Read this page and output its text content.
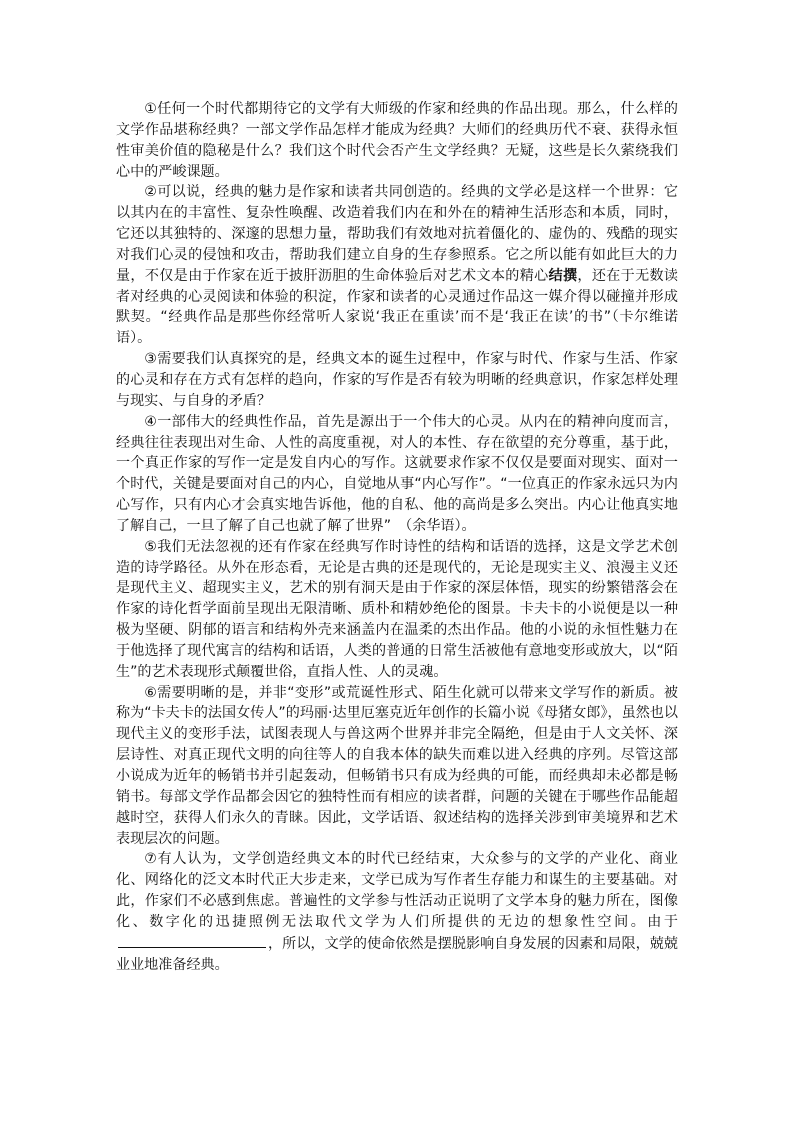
①任何一个时代都期待它的文学有大师级的作家和经典的作品出现。那么，什么样的文学作品堪称经典？一部文学作品怎样才能成为经典？大师们的经典历代不衰、获得永恒性审美价值的隐秘是什么？我们这个时代会否产生文学经典？无疑，这些是长久萦绕我们心中的严峻课题。

②可以说，经典的魅力是作家和读者共同创造的。经典的文学必是这样一个世界：它以其内在的丰富性、复杂性唤醒、改造着我们内在和外在的精神生活形态和本质，同时，它还以其独特的、深邃的思想力量，帮助我们有效地对抗着僵化的、虚伪的、残酷的现实对我们心灵的侵蚀和攻击，帮助我们建立自身的生存参照系。它之所以能有如此巨大的力量，不仅是由于作家在近于披肝沥胆的生命体验后对艺术文本的精心结撰，还在于无数读者对经典的心灵阅读和体验的积淀，作家和读者的心灵通过作品这一媒介得以碰撞并形成默契。“经典作品是那些你经常听人家说‘我正在重读’而不是‘我正在读’的书”（卡尔维诺语）。

③需要我们认真探究的是，经典文本的诞生过程中，作家与时代、作家与生活、作家的心灵和存在方式有怎样的趋向，作家的写作是否有较为明晰的经典意识，作家怎样处理与现实、与自身的矛盾？

④一部伟大的经典性作品，首先是源出于一个伟大的心灵。从内在的精神向度而言，经典往往表现出对生命、人性的高度重视，对人的本性、存在欲望的充分尊重，基于此，一个真正作家的写作一定是发自内心的写作。这就要求作家不仅仅是要面对现实、面对一个时代，关键是要面对自己的内心，自觉地从事“内心写作”。“一位真正的作家永远只为内心写作，只有内心才会真实地告诉他，他的自私、他的高尚是多么突出。内心让他真实地了解自己，一旦了解了自己也就了解了世界”　（余华语）。

⑤我们无法忽视的还有作家在经典写作时诗性的结构和话语的选择，这是文学艺术创造的诗学路径。从外在形态看，无论是古典的还是现代的，无论是现实主义、浪漫主义还是现代主义、超现实主义，艺术的别有洞天是由于作家的深层体悟，现实的纷繁错落会在作家的诗化哲学面前呈现出无限清晰、质朴和精妙绝伦的图景。卡夫卡的小说便是以一种极为坚硬、阴郁的语言和结构外壳来涵盖内在温柔的杰出作品。他的小说的永恒性魅力在于他选择了现代寓言的结构和话语，人类的普通的日常生活被他有意地变形或放大，以“陌生”的艺术表现形式颠覆世俗，直指人性、人的灵魂。

⑥需要明晰的是，并非“变形”或荒诞性形式、陌生化就可以带来文学写作的新质。被称为“卡夫卡的法国女传人”的玛丽·达里厄塞克近年创作的长篇小说《母猪女郎》，虽然也以现代主义的变形手法，试图表现人与兽这两个世界并非完全隔绝，但是由于人文关怀、深层诗性、对真正现代文明的向往等人的自我本体的缺失而难以进入经典的序列。尽管这部小说成为近年的畅销书并引起轰动，但畅销书只有成为经典的可能，而经典却未必都是畅销书。每部文学作品都会因它的独特性而有相应的读者群，问题的关键在于哪些作品能超越时空，获得人们永久的青睐。因此，文学话语、叙述结构的选择关涉到审美境界和艺术表现层次的问题。

⑦有人认为，文学创造经典文本的时代已经结束，大众参与的文学的产业化、商业化、网络化的泛文本时代正大步走来，文学已成为写作者生存能力和谋生的主要基础。对此，作家们不必感到焦虑。普遍性的文学参与性活动正说明了文学本身的魅力所在，图像化、数字化的迅捷照例无法取代文学为人们所提供的无边的想象性空间。由于，所以，文学的使命依然是摆脱影响自身发展的因素和局限，兢兢业业地准备经典。
